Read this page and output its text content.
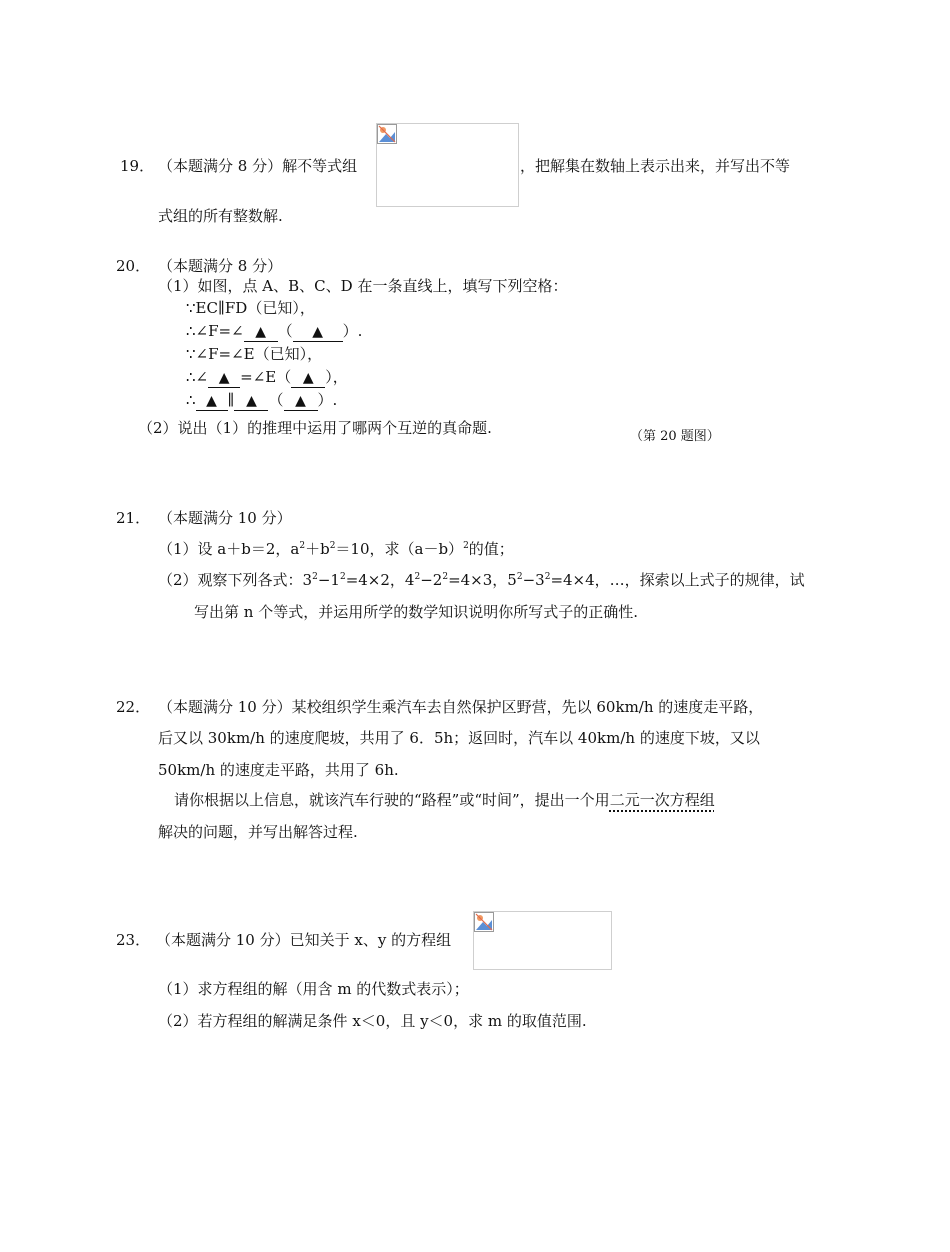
19． （本题满分 8 分）解不等式组	，把解集在数轴上表示出来，并写出不等
式组的所有整数解.
20． （本题满分 8 分）
（1）如图，点 A、B、C、D 在一条直线上，填写下列空格：
∵EC∥FD（已知），
∴∠F=∠ ▲ （ ▲ ）.
∵∠F=∠E（已知），
∴∠ ▲ =∠E（ ▲ ），
∴ ▲ ∥ ▲ （ ▲ ）.
（2）说出（1）的推理中运用了哪两个互逆的真命题.	（第 20 题图）
21． （本题满分 10 分）
（1）设 a＋b＝2，$a^2+b^2=10$，求$(a-b)^2$的值；
（2）观察下列各式：$3^2-1^2=4\times 2$，$4^2-2^2=4\times 3$，$5^2-3^2=4\times 4$，…，探索以上式子的规律，试
写出第 n 个等式，并运用所学的数学知识说明你所写式子的正确性.
22． （本题满分 10 分）某校组织学生乘汽车去自然保护区野营，先以 60km/h 的速度走平路，
后又以 30km/h 的速度爬坡，共用了 6．5h；返回时，汽车以 40km/h 的速度下坡，又以
50km/h 的速度走平路，共用了 6h.
请你根据以上信息，就该汽车行驶的“路程”或“时间”，提出一个用二元一次方程组
解决的问题，并写出解答过程.
23． （本题满分 10 分）已知关于 x、y 的方程组
（1）求方程组的解（用含 m 的代数式表示）；
（2）若方程组的解满足条件 x＜0，且 y＜0，求 m 的取值范围.
